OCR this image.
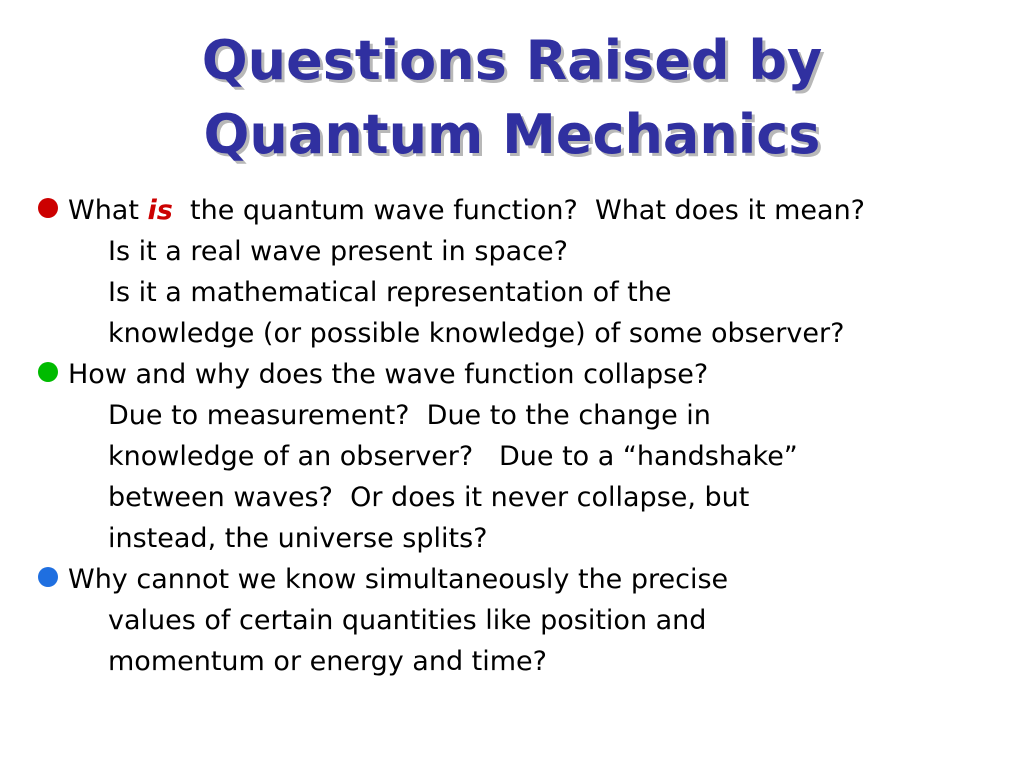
Questions Raised by
Quantum Mechanics
What is  the quantum wave function?  What does it mean?
Is it a real wave present in space?
Is it a mathematical representation of the
knowledge (or possible knowledge) of some observer?
How and why does the wave function collapse?
Due to measurement?  Due to the change in
knowledge of an observer?   Due to a “handshake”
between waves?  Or does it never collapse, but
instead, the universe splits?
Why cannot we know simultaneously the precise
values of certain quantities like position and
momentum or energy and time?
